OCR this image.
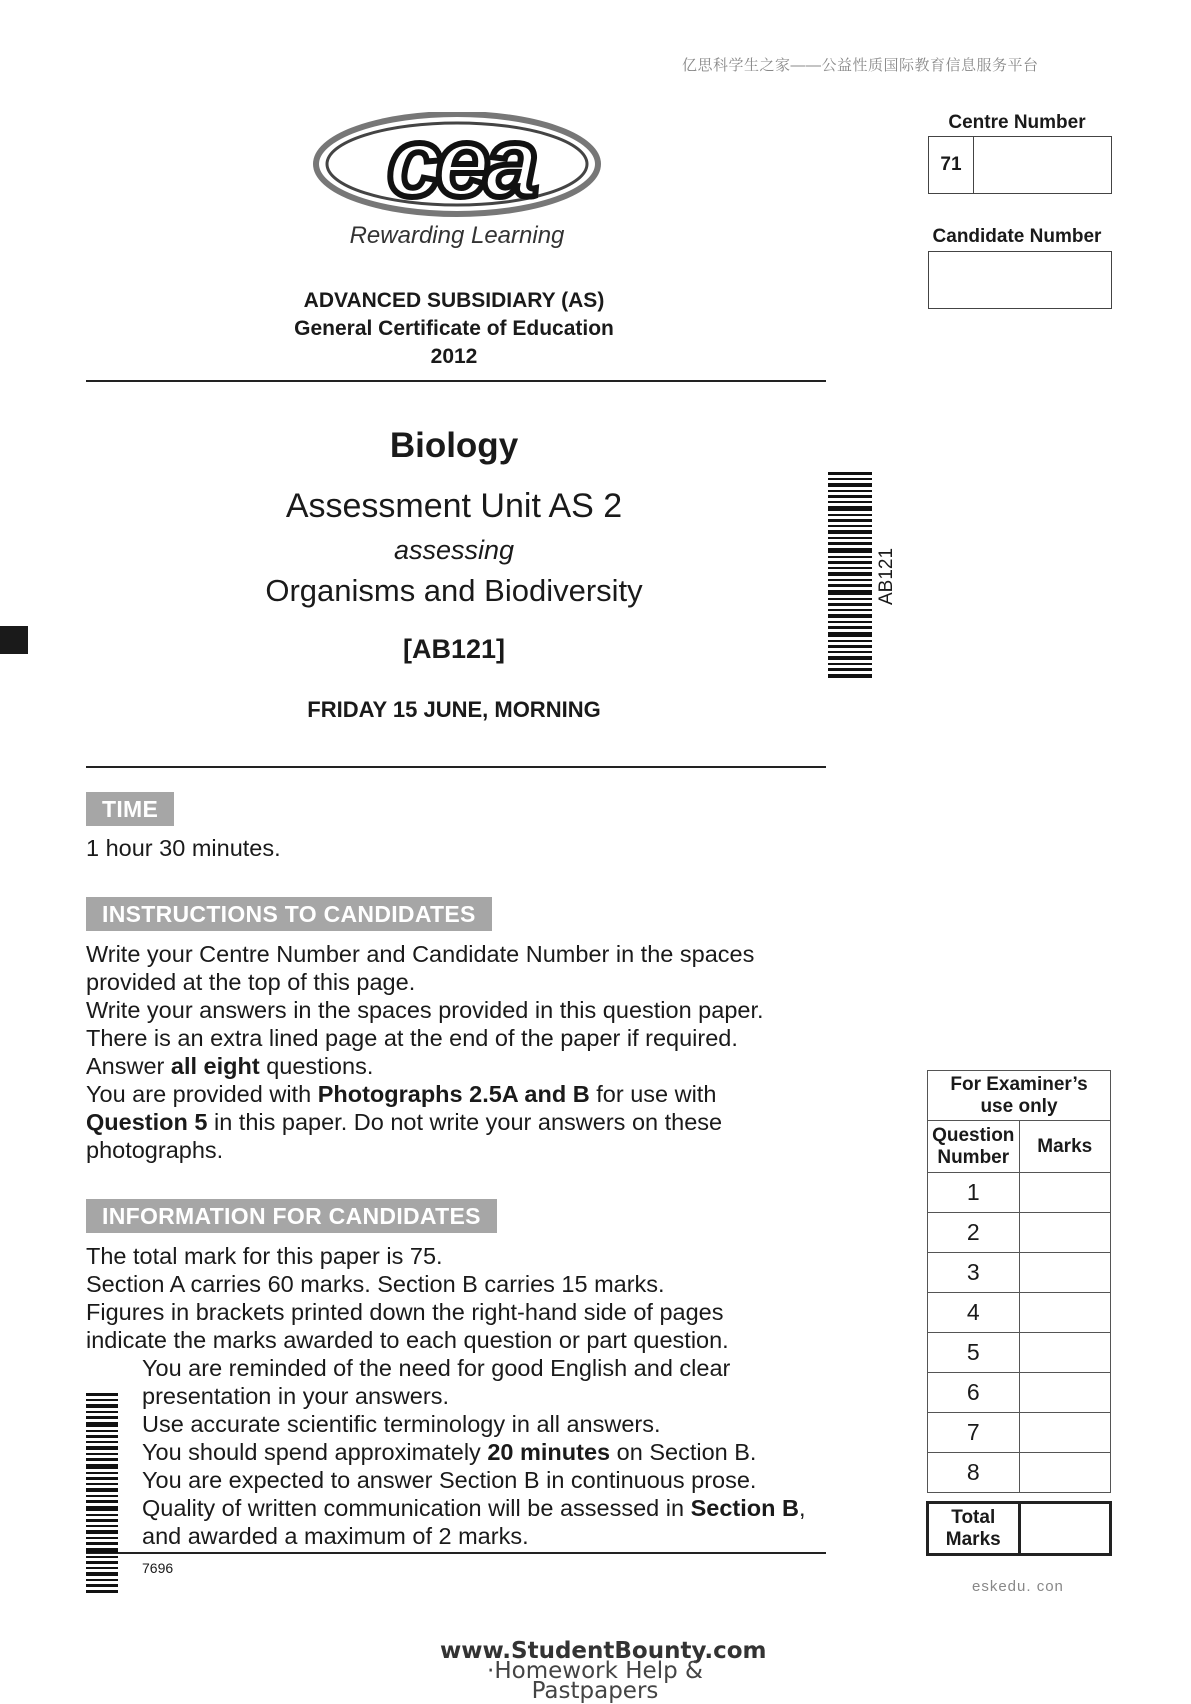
亿思科学生之家——公益性质国际教育信息服务平台
cea
Rewarding Learning
ADVANCED SUBSIDIARY (AS)
General Certificate of Education
2012
Biology
Assessment Unit AS 2
assessing
Organisms and Biodiversity
[AB121]
FRIDAY 15 JUNE, MORNING
AB121
Centre Number
71
Candidate Number
TIME
1 hour 30 minutes.
INSTRUCTIONS TO CANDIDATES

Write your Centre Number and Candidate Number in the spaces

provided at the top of this page.

Write your answers in the spaces provided in this question paper.

There is an extra lined page at the end of the paper if required.

Answer all eight questions.

You are provided with Photographs 2.5A and B for use with

Question 5 in this paper. Do not write your answers on these

photographs.

INFORMATION FOR CANDIDATES

The total mark for this paper is 75.

Section A carries 60 marks. Section B carries 15 marks.

Figures in brackets printed down the right-hand side of pages

indicate the marks awarded to each question or part question.

You are reminded of the need for good English and clear

presentation in your answers.

Use accurate scientific terminology in all answers.

You should spend approximately 20 minutes on Section B.

You are expected to answer Section B in continuous prose.

Quality of written communication will be assessed in Section B,

and awarded a maximum of 2 marks.

7696
For Examiner’s
use only	

Question
Number	Marks
1	
2	
3	
4	
5	
6	
7	
8	

Total
Marks	

eskedu. con
www.StudentBounty.com
·Homework Help & Pastpapers
